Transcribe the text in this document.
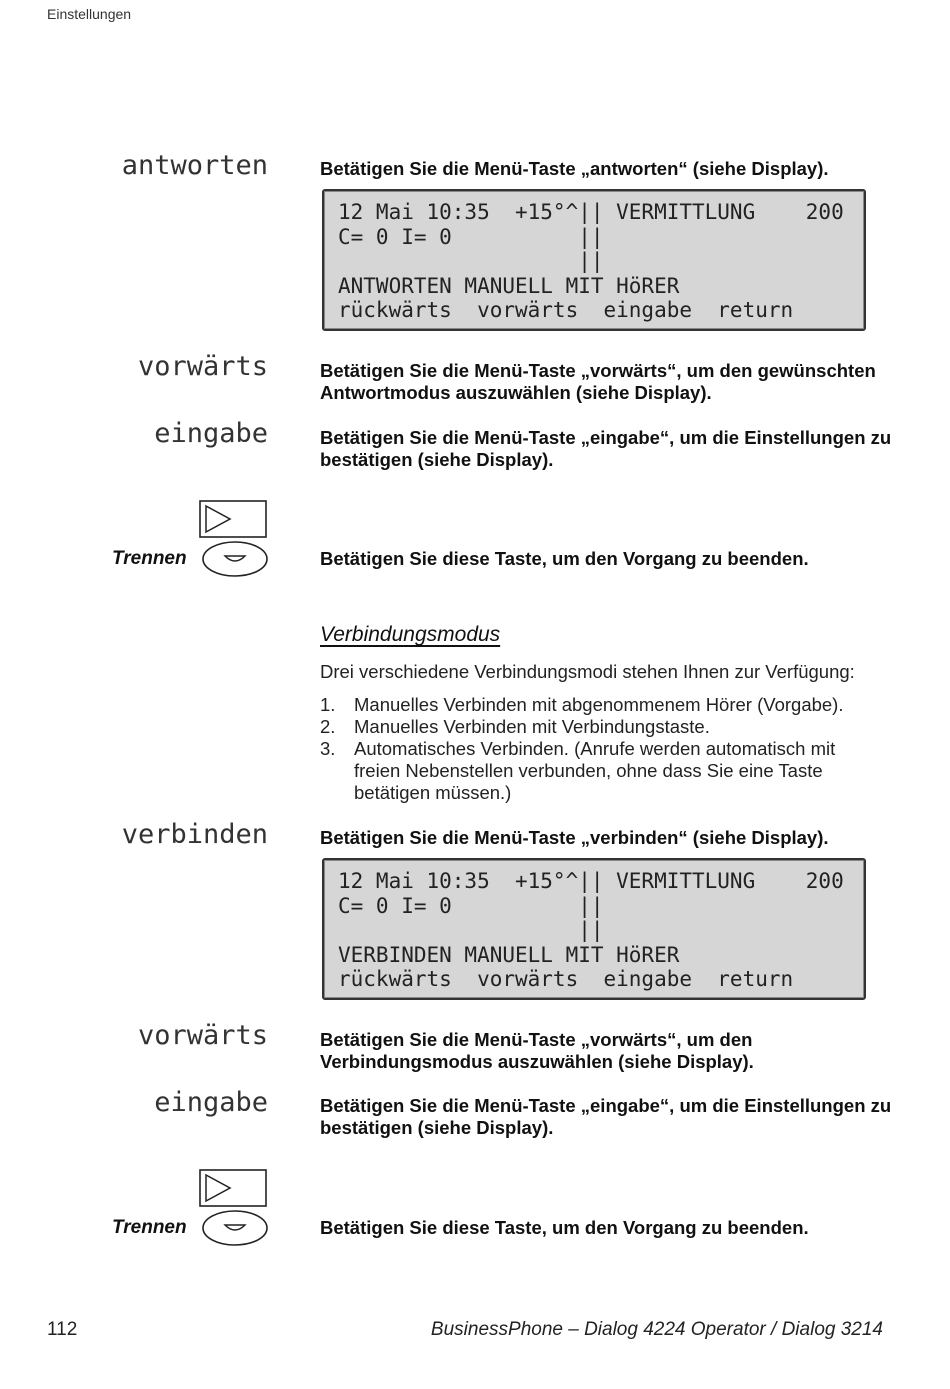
Einstellungen
antworten	Betätigen Sie die Menü-Taste „antworten“ (siehe Display).
12 Mai 10:35  +15°^|| VERMITTLUNG    200
C= 0 I= 0          ||
||
ANTWORTEN MANUELL MIT HöRER
rückwärts  vorwärts  eingabe  return
vorwärts	Betätigen Sie die Menü-Taste „vorwärts“, um den gewünschten Antwortmodus auszuwählen (siehe Display).
eingabe	Betätigen Sie die Menü-Taste „eingabe“, um die Einstellungen zu bestätigen (siehe Display).
Trennen	Betätigen Sie diese Taste, um den Vorgang zu beenden.
Verbindungsmodus
Drei verschiedene Verbindungsmodi stehen Ihnen zur Verfügung:
1. Manuelles Verbinden mit abgenommenem Hörer (Vorgabe).
2. Manuelles Verbinden mit Verbindungstaste.
3. Automatisches Verbinden. (Anrufe werden automatisch mit freien Nebenstellen verbunden, ohne dass Sie eine Taste betätigen müssen.)
verbinden	Betätigen Sie die Menü-Taste „verbinden“ (siehe Display).
12 Mai 10:35  +15°^|| VERMITTLUNG    200
C= 0 I= 0          ||
||
VERBINDEN MANUELL MIT HöRER
rückwärts  vorwärts  eingabe  return
vorwärts	Betätigen Sie die Menü-Taste „vorwärts“, um den Verbindungsmodus auszuwählen (siehe Display).
eingabe	Betätigen Sie die Menü-Taste „eingabe“, um die Einstellungen zu bestätigen (siehe Display).
Trennen	Betätigen Sie diese Taste, um den Vorgang zu beenden.
112	BusinessPhone – Dialog 4224 Operator / Dialog 3214
